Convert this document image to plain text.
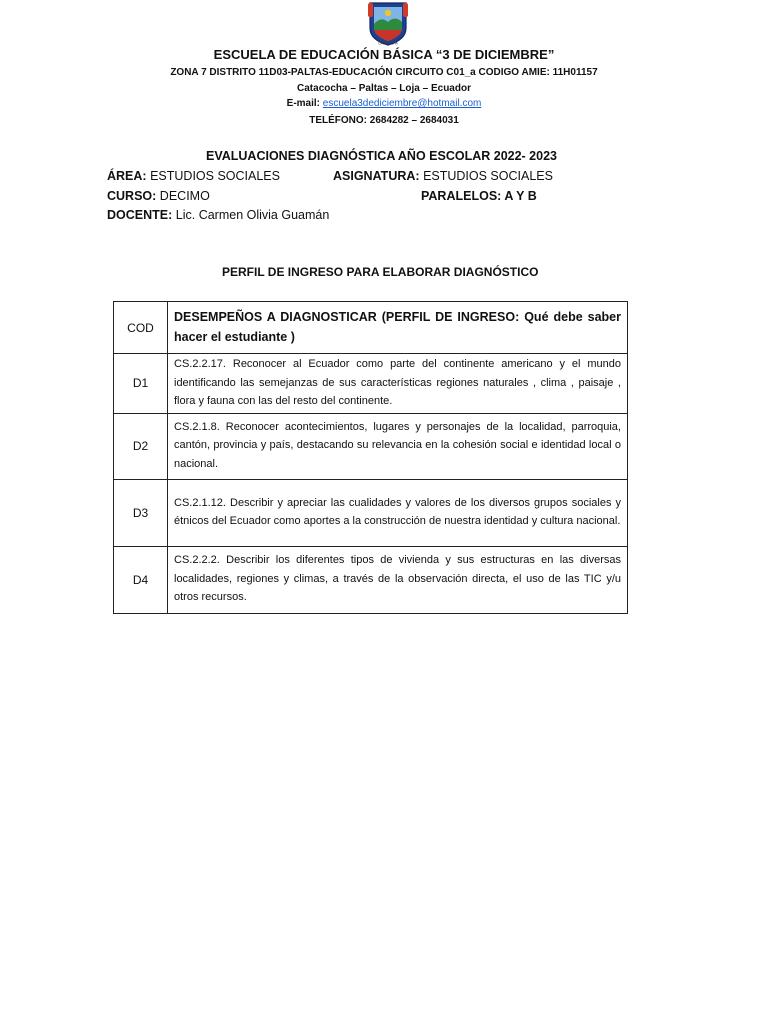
CATACOCHA
ESCUELA DE EDUCACIÓN BÁSICA “3 DE DICIEMBRE”
ZONA 7 DISTRITO 11D03-PALTAS-EDUCACIÓN CIRCUITO C01_a CODIGO AMIE: 11H01157
Catacocha – Paltas – Loja – Ecuador
E-mail: escuela3dediciembre@hotmail.com
TELÉFONO: 2684282 – 2684031
EVALUACIONES DIAGNÓSTICA AÑO ESCOLAR 2022- 2023
ÁREA: ESTUDIOS SOCIALES	ASIGNATURA: ESTUDIOS SOCIALES
CURSO: DECIMO	PARALELOS: A Y B
DOCENTE: Lic. Carmen Olivia Guamán
PERFIL DE INGRESO PARA ELABORAR DIAGNÓSTICO
COD	DESEMPEÑOS A DIAGNOSTICAR (PERFIL DE INGRESO: Qué debe saber hacer el estudiante )
D1	CS.2.2.17. Reconocer al Ecuador como parte del continente americano y el mundo identificando las semejanzas de sus características regiones naturales , clima , paisaje , flora y fauna con las del resto del continente.
D2	CS.2.1.8. Reconocer acontecimientos, lugares y personajes de la localidad, parroquia, cantón, provincia y país, destacando su relevancia en la cohesión social e identidad local o nacional.
D3	CS.2.1.12. Describir y apreciar las cualidades y valores de los diversos grupos sociales y étnicos del Ecuador como aportes a la construcción de nuestra identidad y cultura nacional.
D4	CS.2.2.2. Describir los diferentes tipos de vivienda y sus estructuras en las diversas localidades, regiones y climas, a través de la observación directa, el uso de las TIC y/u otros recursos.
